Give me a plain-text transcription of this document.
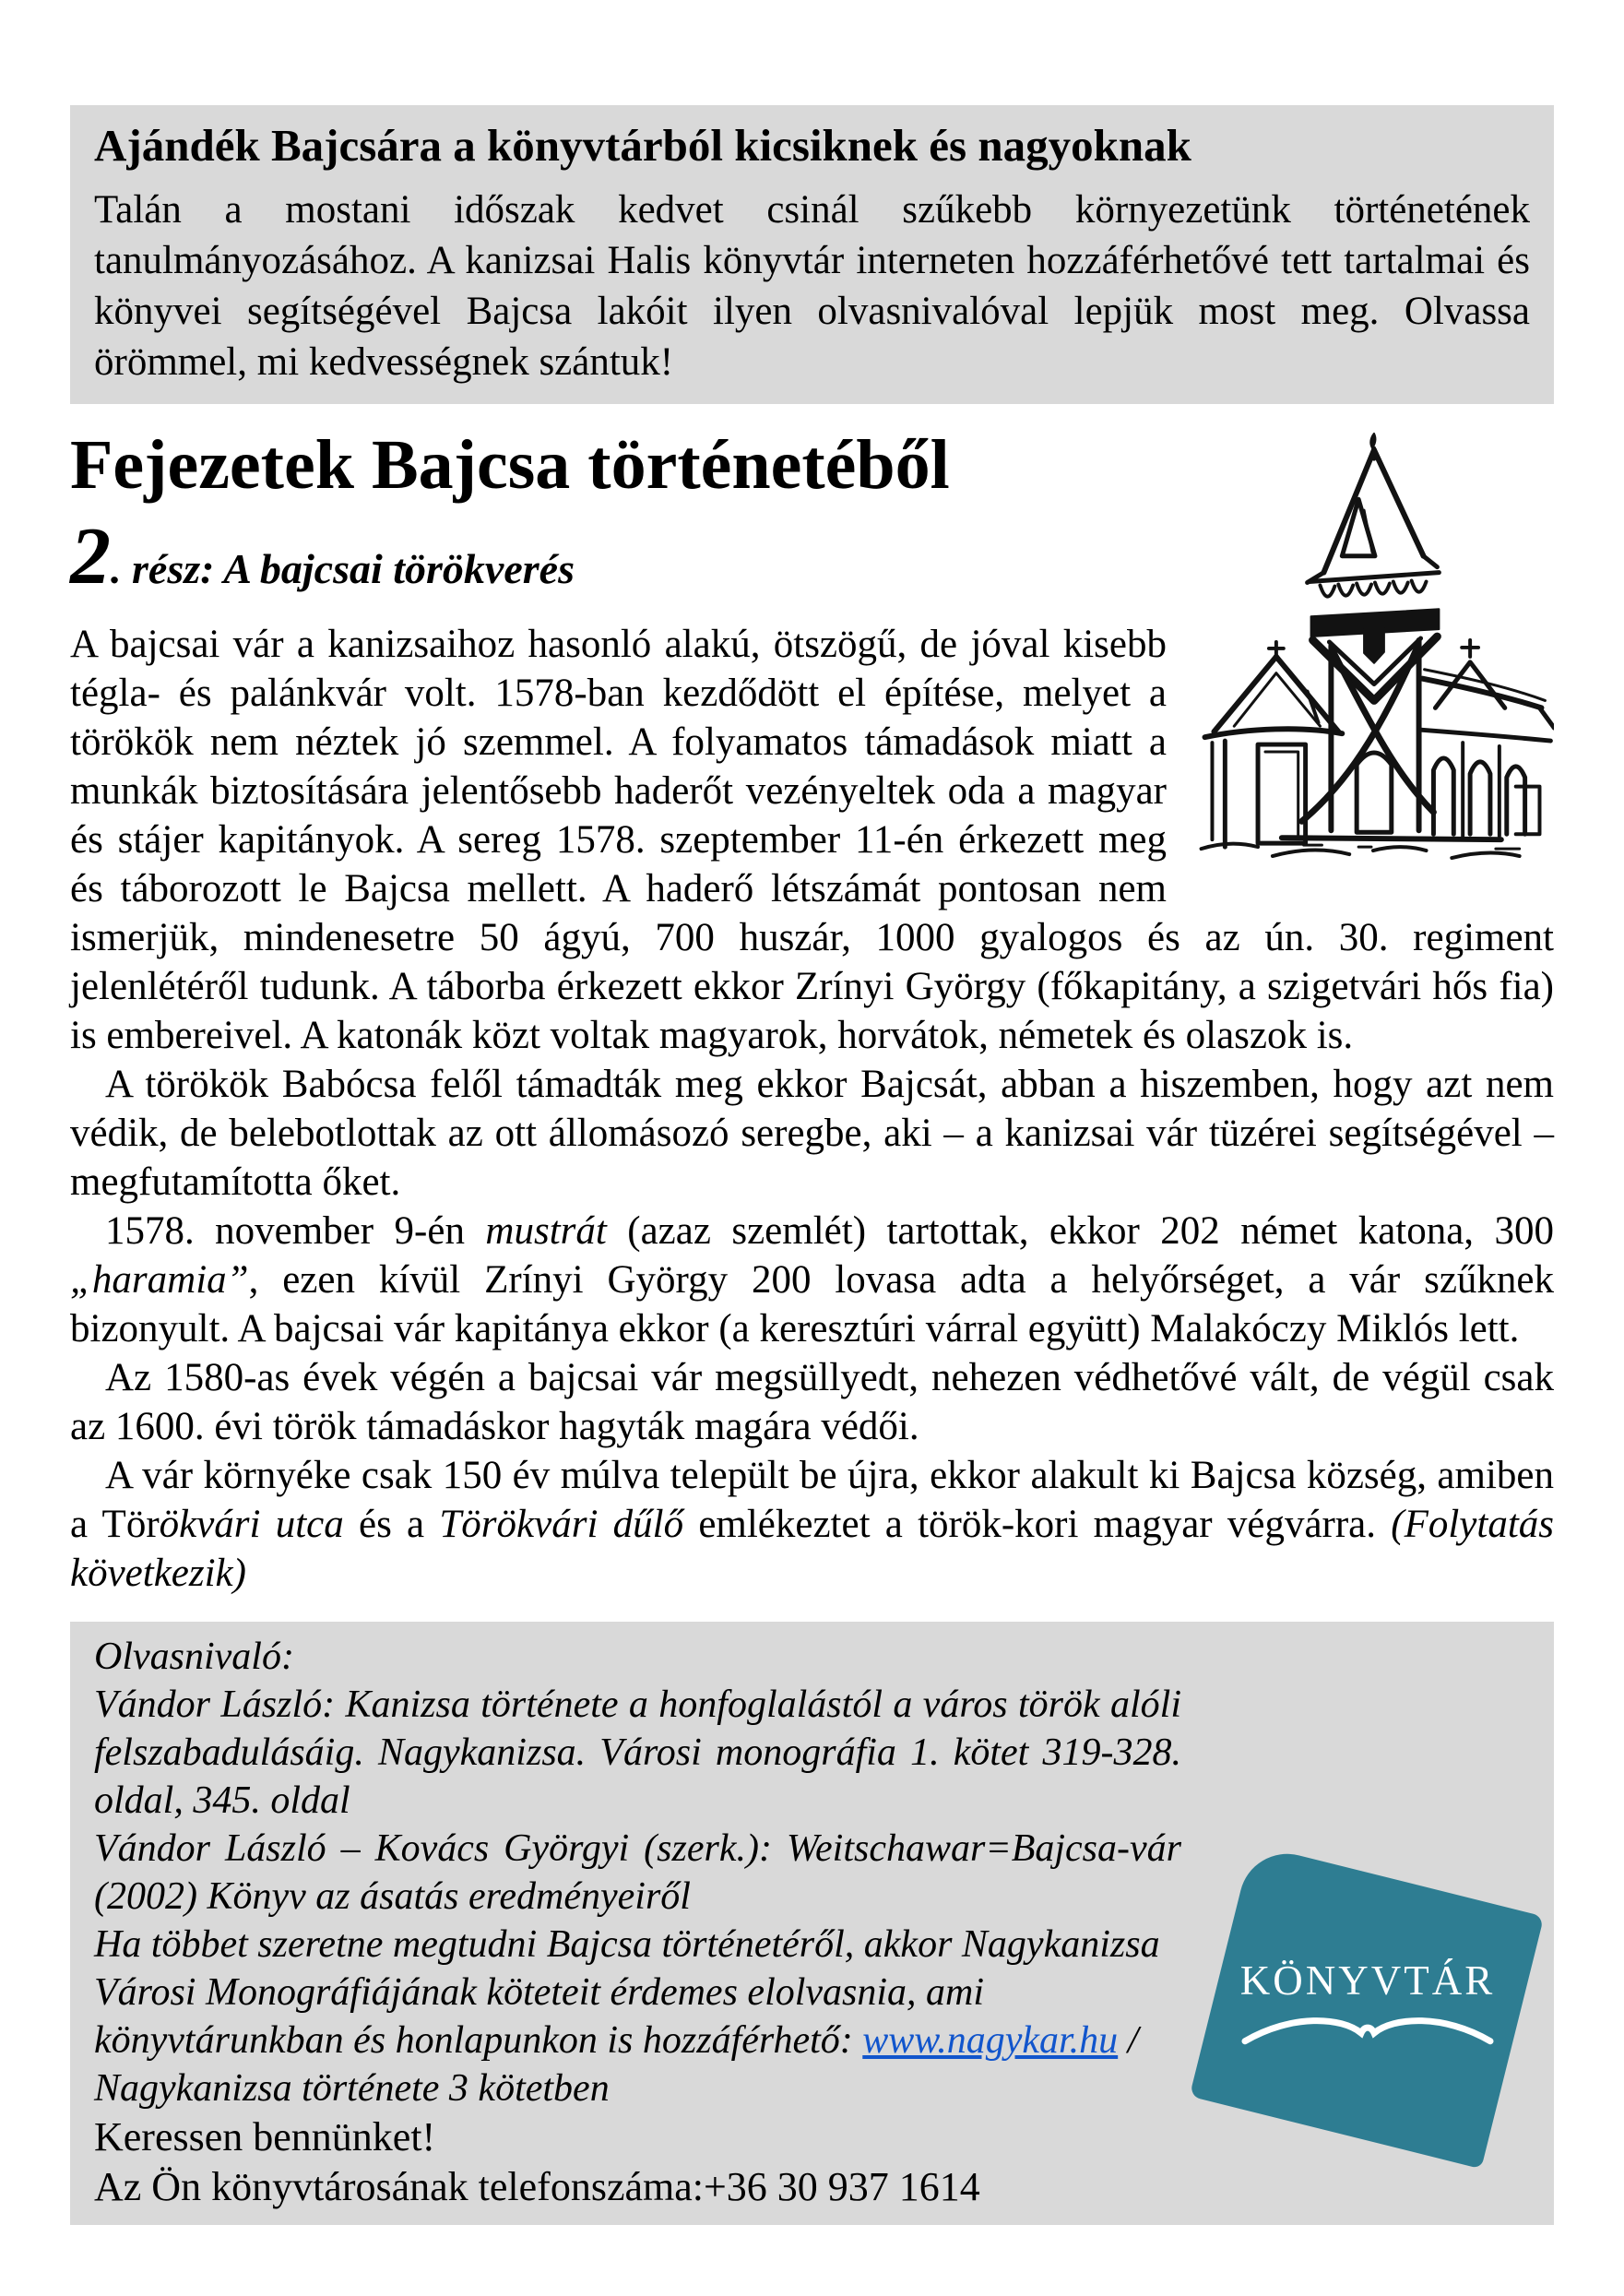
Ajándék Bajcsára a könyvtárból kicsiknek és nagyoknak

Talán a mostani időszak kedvet csinál szűkebb környezetünk történetének tanulmányozásához. A kanizsai Halis könyvtár interneten hozzáférhetővé tett tartalmai és könyvei segítségével Bajcsa lakóit ilyen olvasnivalóval lepjük most meg. Olvassa örömmel, mi kedvességnek szántuk!

Fejezetek Bajcsa történetéből
2. rész: A bajcsai törökverés

A bajcsai vár a kanizsaihoz hasonló alakú, ötszögű, de jóval kisebb tégla- és palánkvár volt. 1578-ban kezdődött el építése, melyet a törökök nem néztek jó szemmel. A folyamatos támadások miatt a munkák biztosítására jelentősebb haderőt vezényeltek oda a magyar és stájer kapitányok. A sereg 1578. szeptember 11-én érkezett meg és táborozott le Bajcsa mellett. A haderő létszámát pontosan nem ismerjük, mindenesetre 50 ágyú, 700 huszár, 1000 gyalogos és az ún. 30. regiment jelenlétéről tudunk. A táborba érkezett ekkor Zrínyi György (főkapitány, a szigetvári hős fia) is embereivel. A katonák közt voltak magyarok, horvátok, németek és olaszok is.

A törökök Babócsa felől támadták meg ekkor Bajcsát, abban a hiszemben, hogy azt nem védik, de belebotlottak az ott állomásozó seregbe, aki – a kanizsai vár tüzérei segítségével – megfutamította őket.

1578. november 9-én mustrát (azaz szemlét) tartottak, ekkor 202 német katona, 300 „haramia”, ezen kívül Zrínyi György 200 lovasa adta a helyőrséget, a vár szűknek bizonyult. A bajcsai vár kapitánya ekkor (a keresztúri várral együtt) Malakóczy Miklós lett.

Az 1580-as évek végén a bajcsai vár megsüllyedt, nehezen védhetővé vált, de végül csak az 1600. évi török támadáskor hagyták magára védői.

A vár környéke csak 150 év múlva települt be újra, ekkor alakult ki Bajcsa község, amiben a Törökvári utca és a Törökvári dűlő emlékeztet a török-kori magyar végvárra. (Folytatás következik)

KÖNYVTÁR

Olvasnivaló:

Vándor László: Kanizsa története a honfoglalástól a város török alóli felszabadulásáig. Nagykanizsa. Városi monográfia 1. kötet 319-328. oldal, 345. oldal

Vándor László – Kovács Györgyi (szerk.): Weitschawar=Bajcsa-vár (2002) Könyv az ásatás eredményeiről

Ha többet szeretne megtudni Bajcsa történetéről, akkor Nagykanizsa Városi Monográfiájának köteteit érdemes elolvasnia, ami könyvtárunkban és honlapunkon is hozzáférhető: www.nagykar.hu / Nagykanizsa története 3 kötetben

Keressen bennünket!

Az Ön könyvtárosának telefonszáma:+36 30 937 1614
